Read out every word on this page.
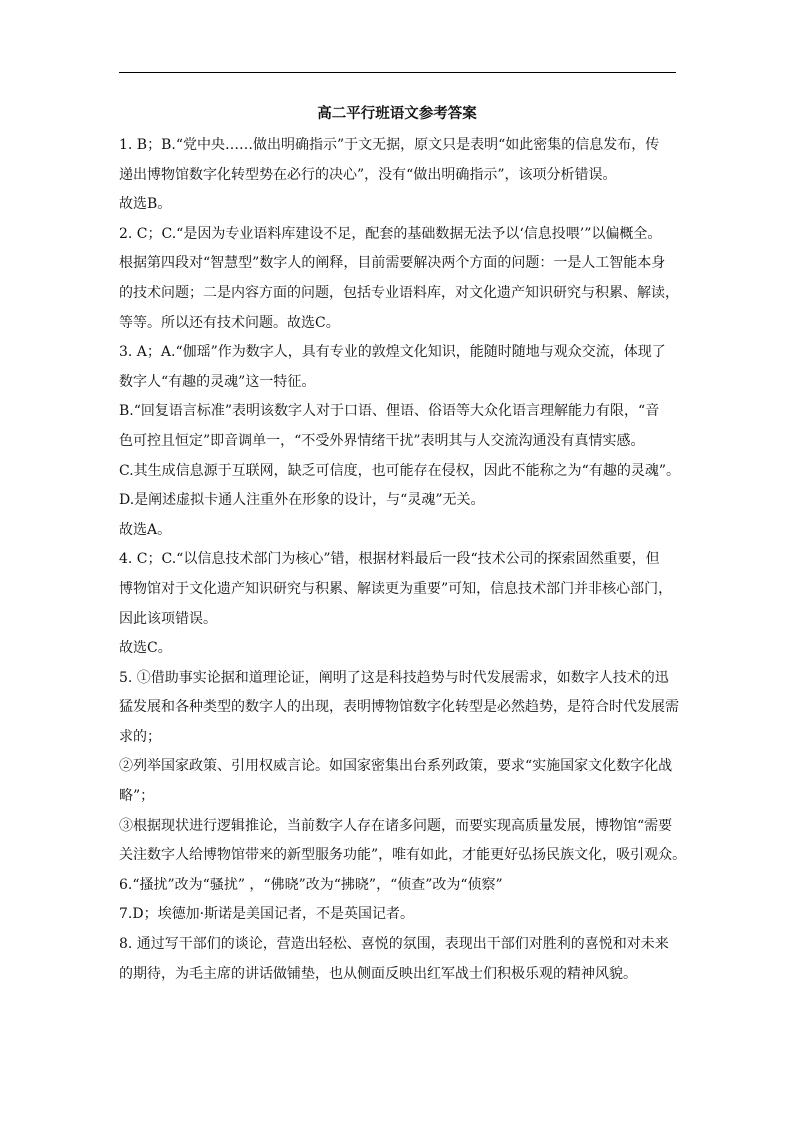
高二平行班语文参考答案
1. B；B.“党中央……做出明确指示”于文无据，原文只是表明“如此密集的信息发布，传
递出博物馆数字化转型势在必行的决心”，没有“做出明确指示”，该项分析错误。
故选B。
2. C；C.“是因为专业语料库建设不足，配套的基础数据无法予以‘信息投喂’”以偏概全。
根据第四段对“智慧型”数字人的阐释，目前需要解决两个方面的问题：一是人工智能本身
的技术问题；二是内容方面的问题，包括专业语料库，对文化遗产知识研究与积累、解读，
等等。所以还有技术问题。故选C。
3. A；A.“伽瑶”作为数字人，具有专业的敦煌文化知识，能随时随地与观众交流，体现了
数字人“有趣的灵魂”这一特征。
B.“回复语言标准”表明该数字人对于口语、俚语、俗语等大众化语言理解能力有限，“音
色可控且恒定”即音调单一，“不受外界情绪干扰”表明其与人交流沟通没有真情实感。
C.其生成信息源于互联网，缺乏可信度，也可能存在侵权，因此不能称之为“有趣的灵魂”。
D.是阐述虚拟卡通人注重外在形象的设计，与“灵魂”无关。
故选A。
4. C；C.“以信息技术部门为核心”错，根据材料最后一段“技术公司的探索固然重要，但
博物馆对于文化遗产知识研究与积累、解读更为重要”可知，信息技术部门并非核心部门，
因此该项错误。
故选C。
5. ①借助事实论据和道理论证，阐明了这是科技趋势与时代发展需求，如数字人技术的迅
猛发展和各种类型的数字人的出现，表明博物馆数字化转型是必然趋势，是符合时代发展需
求的；
②列举国家政策、引用权威言论。如国家密集出台系列政策，要求“实施国家文化数字化战
略”；
③根据现状进行逻辑推论，当前数字人存在诸多问题，而要实现高质量发展，博物馆“需要
关注数字人给博物馆带来的新型服务功能”，唯有如此，才能更好弘扬民族文化，吸引观众。
6.“搔扰”改为“骚扰” ，“佛晓”改为“拂晓”，“侦查”改为“侦察”
7.D；埃德加·斯诺是美国记者，不是英国记者。
8. 通过写干部们的谈论，营造出轻松、喜悦的氛围，表现出干部们对胜利的喜悦和对未来
的期待，为毛主席的讲话做铺垫，也从侧面反映出红军战士们积极乐观的精神风貌。
